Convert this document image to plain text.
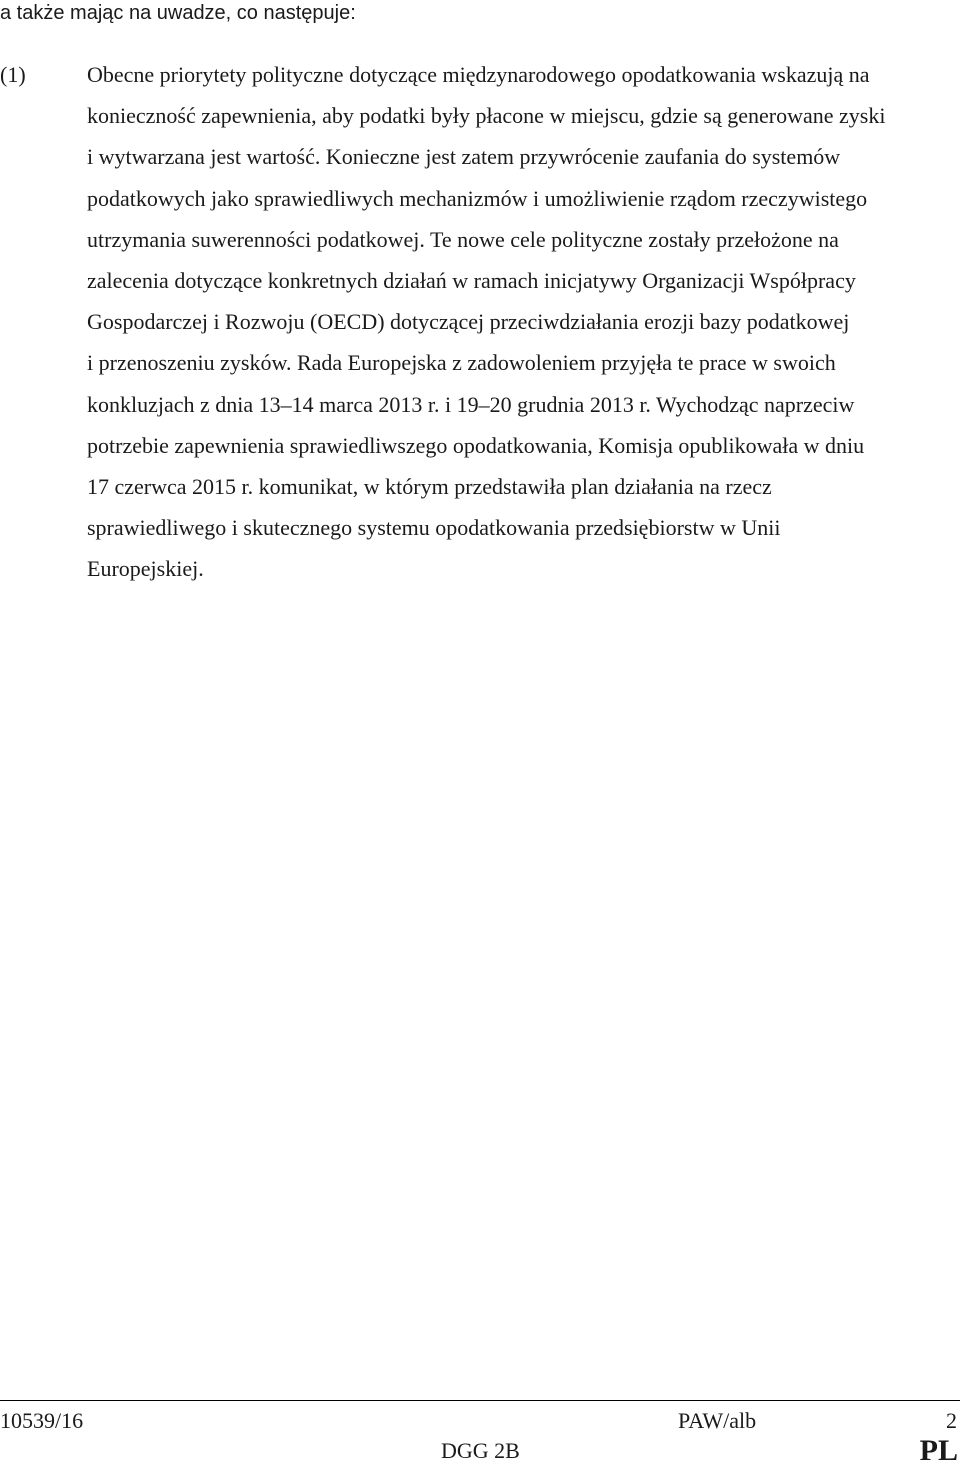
a także mając na uwadze, co następuje:
(1)	Obecne priorytety polityczne dotyczące międzynarodowego opodatkowania wskazują na
konieczność zapewnienia, aby podatki były płacone w miejscu, gdzie są generowane zyski
i wytwarzana jest wartość. Konieczne jest zatem przywrócenie zaufania do systemów
podatkowych jako sprawiedliwych mechanizmów i umożliwienie rządom rzeczywistego
utrzymania suwerenności podatkowej. Te nowe cele polityczne zostały przełożone na
zalecenia dotyczące konkretnych działań w ramach inicjatywy Organizacji Współpracy
Gospodarczej i Rozwoju (OECD) dotyczącej przeciwdziałania erozji bazy podatkowej
i przenoszeniu zysków. Rada Europejska z zadowoleniem przyjęła te prace w swoich
konkluzjach z dnia 13–14 marca 2013 r. i 19–20 grudnia 2013 r. Wychodząc naprzeciw
potrzebie zapewnienia sprawiedliwszego opodatkowania, Komisja opublikowała w dniu
17 czerwca 2015 r. komunikat, w którym przedstawiła plan działania na rzecz
sprawiedliwego i skutecznego systemu opodatkowania przedsiębiorstw w Unii
Europejskiej.
10539/16	PAW/alb	2
DGG 2B	PL
